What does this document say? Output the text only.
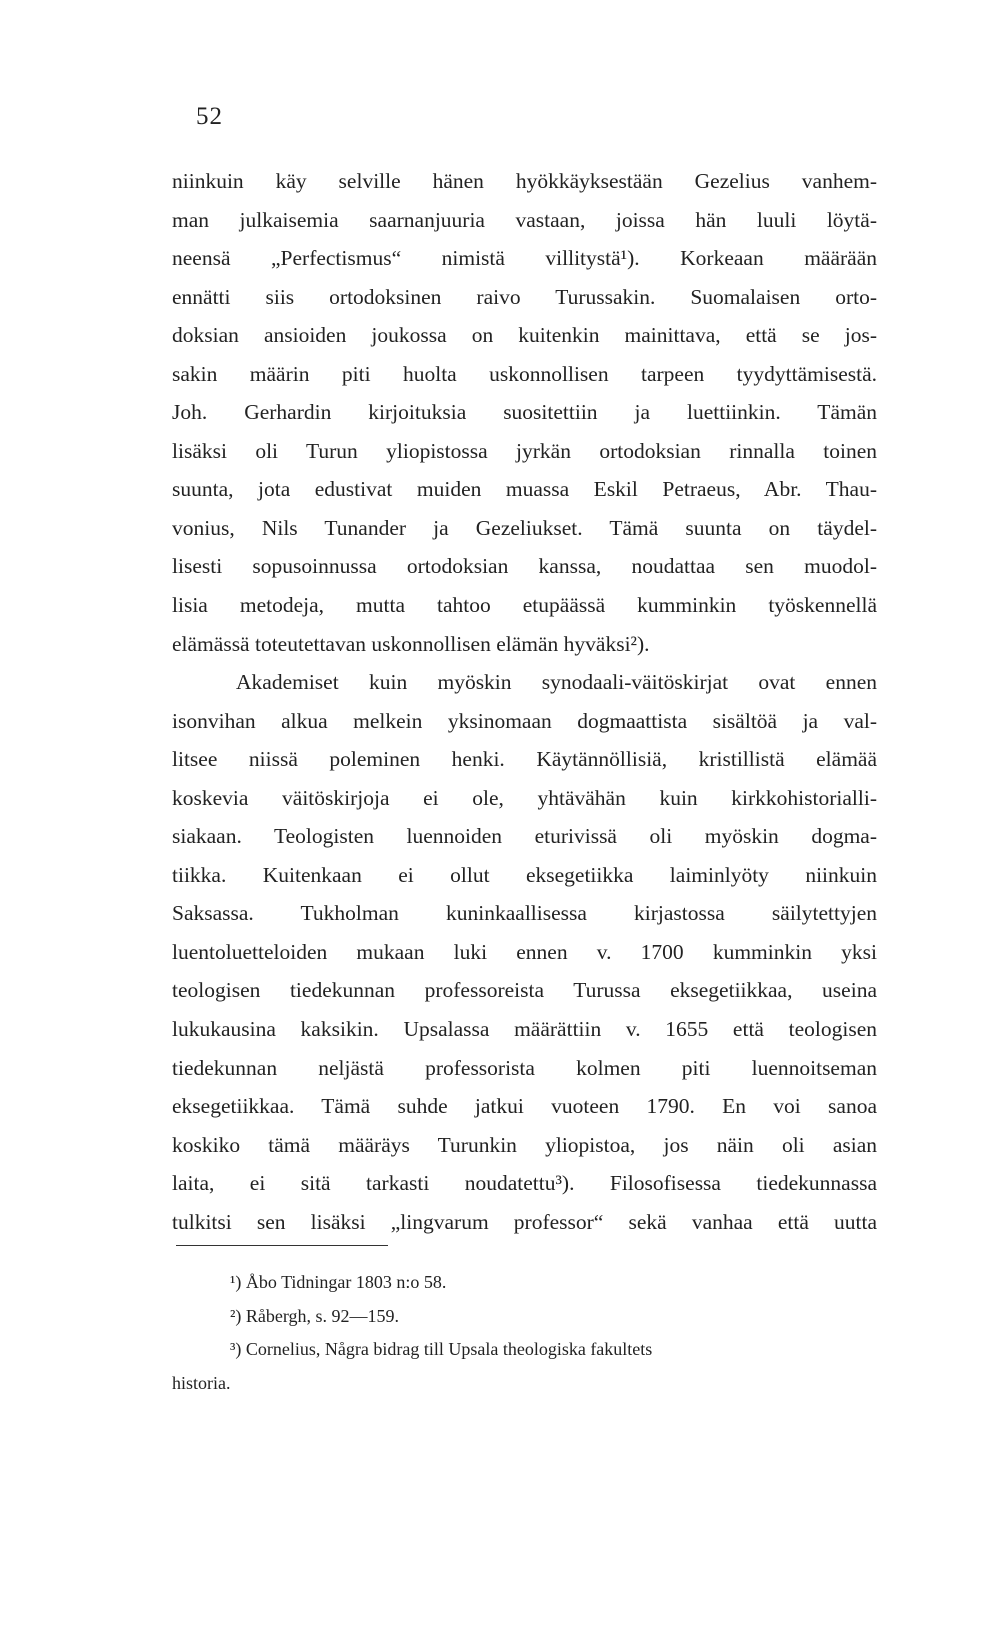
52
niinkuin käy selville hänen hyökkäyksestään Gezelius vanhem-
man julkaisemia saarnanjuuria vastaan, joissa hän luuli löytä-
neensä „Perfectismus“ nimistä villitystä¹). Korkeaan määrään
ennätti siis ortodoksinen raivo Turussakin. Suomalaisen orto-
doksian ansioiden joukossa on kuitenkin mainittava, että se jos-
sakin määrin piti huolta uskonnollisen tarpeen tyydyttämisestä.
Joh. Gerhardin kirjoituksia suositettiin ja luettiinkin. Tämän
lisäksi oli Turun yliopistossa jyrkän ortodoksian rinnalla toinen
suunta, jota edustivat muiden muassa Eskil Petraeus, Abr. Thau-
vonius, Nils Tunander ja Gezeliukset. Tämä suunta on täydel-
lisesti sopusoinnussa ortodoksian kanssa, noudattaa sen muodol-
lisia metodeja, mutta tahtoo etupäässä kumminkin työskennellä
elämässä toteutettavan uskonnollisen elämän hyväksi²).
Akademiset kuin myöskin synodaali-väitöskirjat ovat ennen
isonvihan alkua melkein yksinomaan dogmaattista sisältöä ja val-
litsee niissä poleminen henki. Käytännöllisiä, kristillistä elämää
koskevia väitöskirjoja ei ole, yhtävähän kuin kirkkohistorialli-
siakaan. Teologisten luennoiden eturivissä oli myöskin dogma-
tiikka. Kuitenkaan ei ollut eksegetiikka laiminlyöty niinkuin
Saksassa. Tukholman kuninkaallisessa kirjastossa säilytettyjen
luentoluetteloiden mukaan luki ennen v. 1700 kumminkin yksi
teologisen tiedekunnan professoreista Turussa eksegetiikkaa, useina
lukukausina kaksikin. Upsalassa määrättiin v. 1655 että teologisen
tiedekunnan neljästä professorista kolmen piti luennoitseman
eksegetiikkaa. Tämä suhde jatkui vuoteen 1790. En voi sanoa
koskiko tämä määräys Turunkin yliopistoa, jos näin oli asian
laita, ei sitä tarkasti noudatettu³). Filosofisessa tiedekunnassa
tulkitsi sen lisäksi „lingvarum professor“ sekä vanhaa että uutta
¹) Åbo Tidningar 1803 n:o 58.
²) Råbergh, s. 92—159.
³) Cornelius, Några bidrag till Upsala theologiska fakultets
historia.
